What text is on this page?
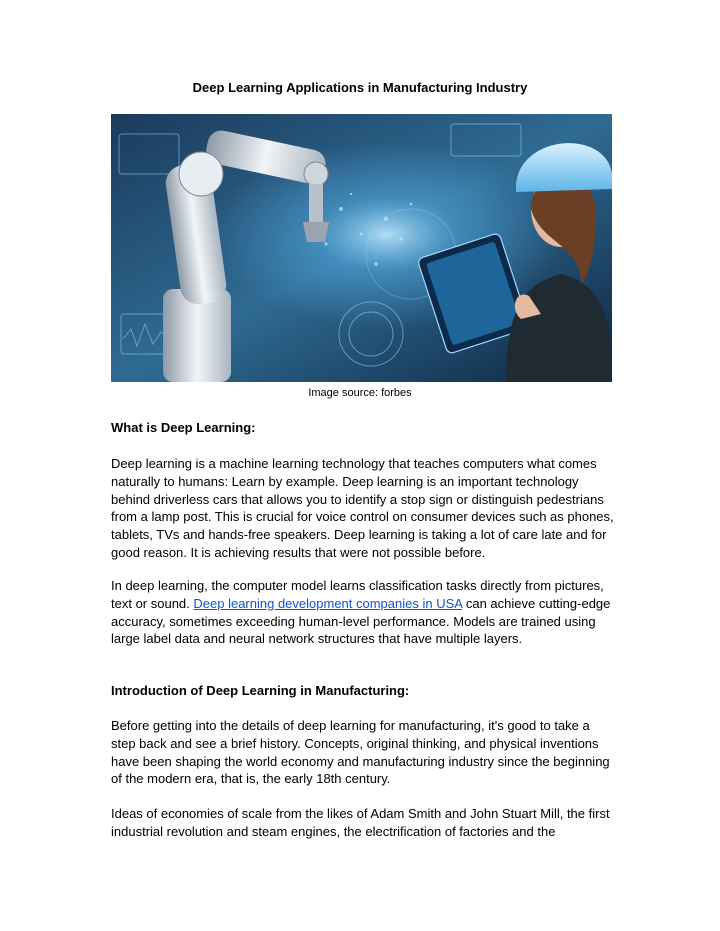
Deep Learning Applications in Manufacturing Industry
Image source: forbes
What is Deep Learning:

Deep learning is a machine learning technology that teaches computers what comes naturally to humans: Learn by example. Deep learning is an important technology behind driverless cars that allows you to identify a stop sign or distinguish pedestrians from a lamp post. This is crucial for voice control on consumer devices such as phones, tablets, TVs and hands-free speakers. Deep learning is taking a lot of care late and for good reason. It is achieving results that were not possible before.

In deep learning, the computer model learns classification tasks directly from pictures, text or sound. Deep learning development companies in USA can achieve cutting-edge accuracy, sometimes exceeding human-level performance. Models are trained using large label data and neural network structures that have multiple layers.

Introduction of Deep Learning in Manufacturing:

Before getting into the details of deep learning for manufacturing, it's good to take a step back and see a brief history. Concepts, original thinking, and physical inventions have been shaping the world economy and manufacturing industry since the beginning of the modern era, that is, the early 18th century.

Ideas of economies of scale from the likes of Adam Smith and John Stuart Mill, the first industrial revolution and steam engines, the electrification of factories and the
